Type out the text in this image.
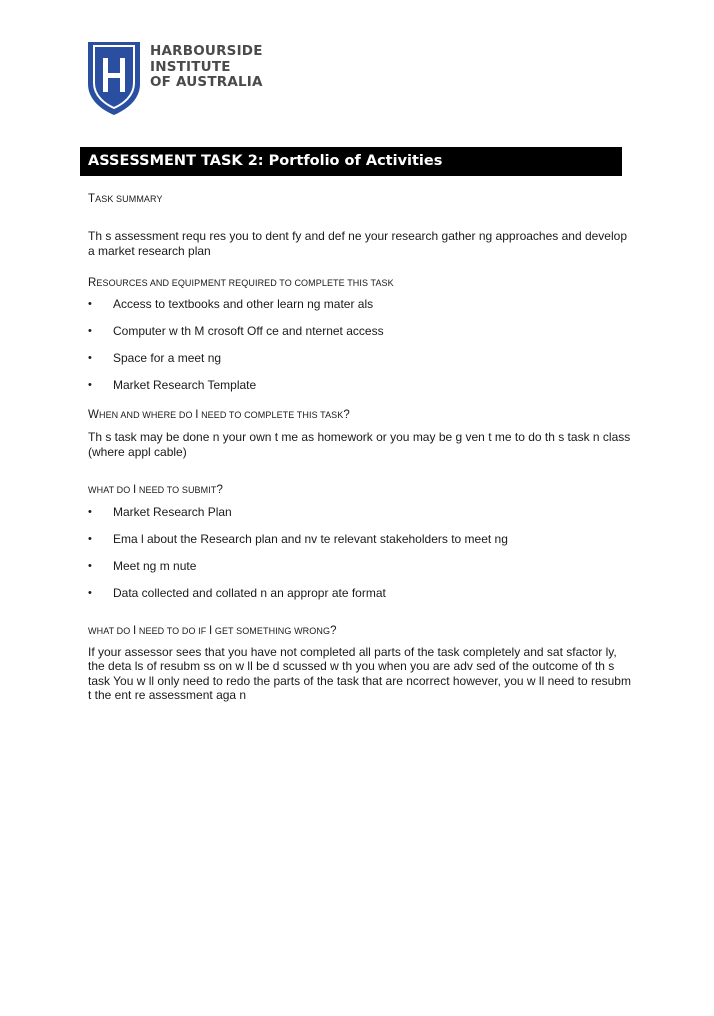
HARBOURSIDE
INSTITUTE
OF AUSTRALIA
ASSESSMENT TASK 2: Portfolio of Activities
TASK SUMMARY

Th s assessment requ res you to dent fy and def ne your research gather ng approaches and develop a market research plan

RESOURCES AND EQUIPMENT REQUIRED TO COMPLETE THIS TASK
• Access to textbooks and other learn ng mater als
• Computer w th M crosoft Off ce and nternet access
• Space for a meet ng
• Market Research Template
WHEN AND WHERE DO I NEED TO COMPLETE THIS TASK?

Th s task may be done n your own t me as homework or you may be g ven t me to do th s task n class (where appl cable)

WHAT DO I NEED TO SUBMIT?
• Market Research Plan
• Ema l about the Research plan and nv te relevant stakeholders to meet ng
• Meet ng m nute
• Data collected and collated n an appropr ate format
WHAT DO I NEED TO DO IF I GET SOMETHING WRONG?

If your assessor sees that you have not completed all parts of the task completely and sat sfactor ly, the deta ls of resubm ss on w ll be d scussed w th you when you are adv sed of the outcome of th s task You w ll only need to redo the parts of the task that are ncorrect however, you w ll need to resubm t the ent re assessment aga n
